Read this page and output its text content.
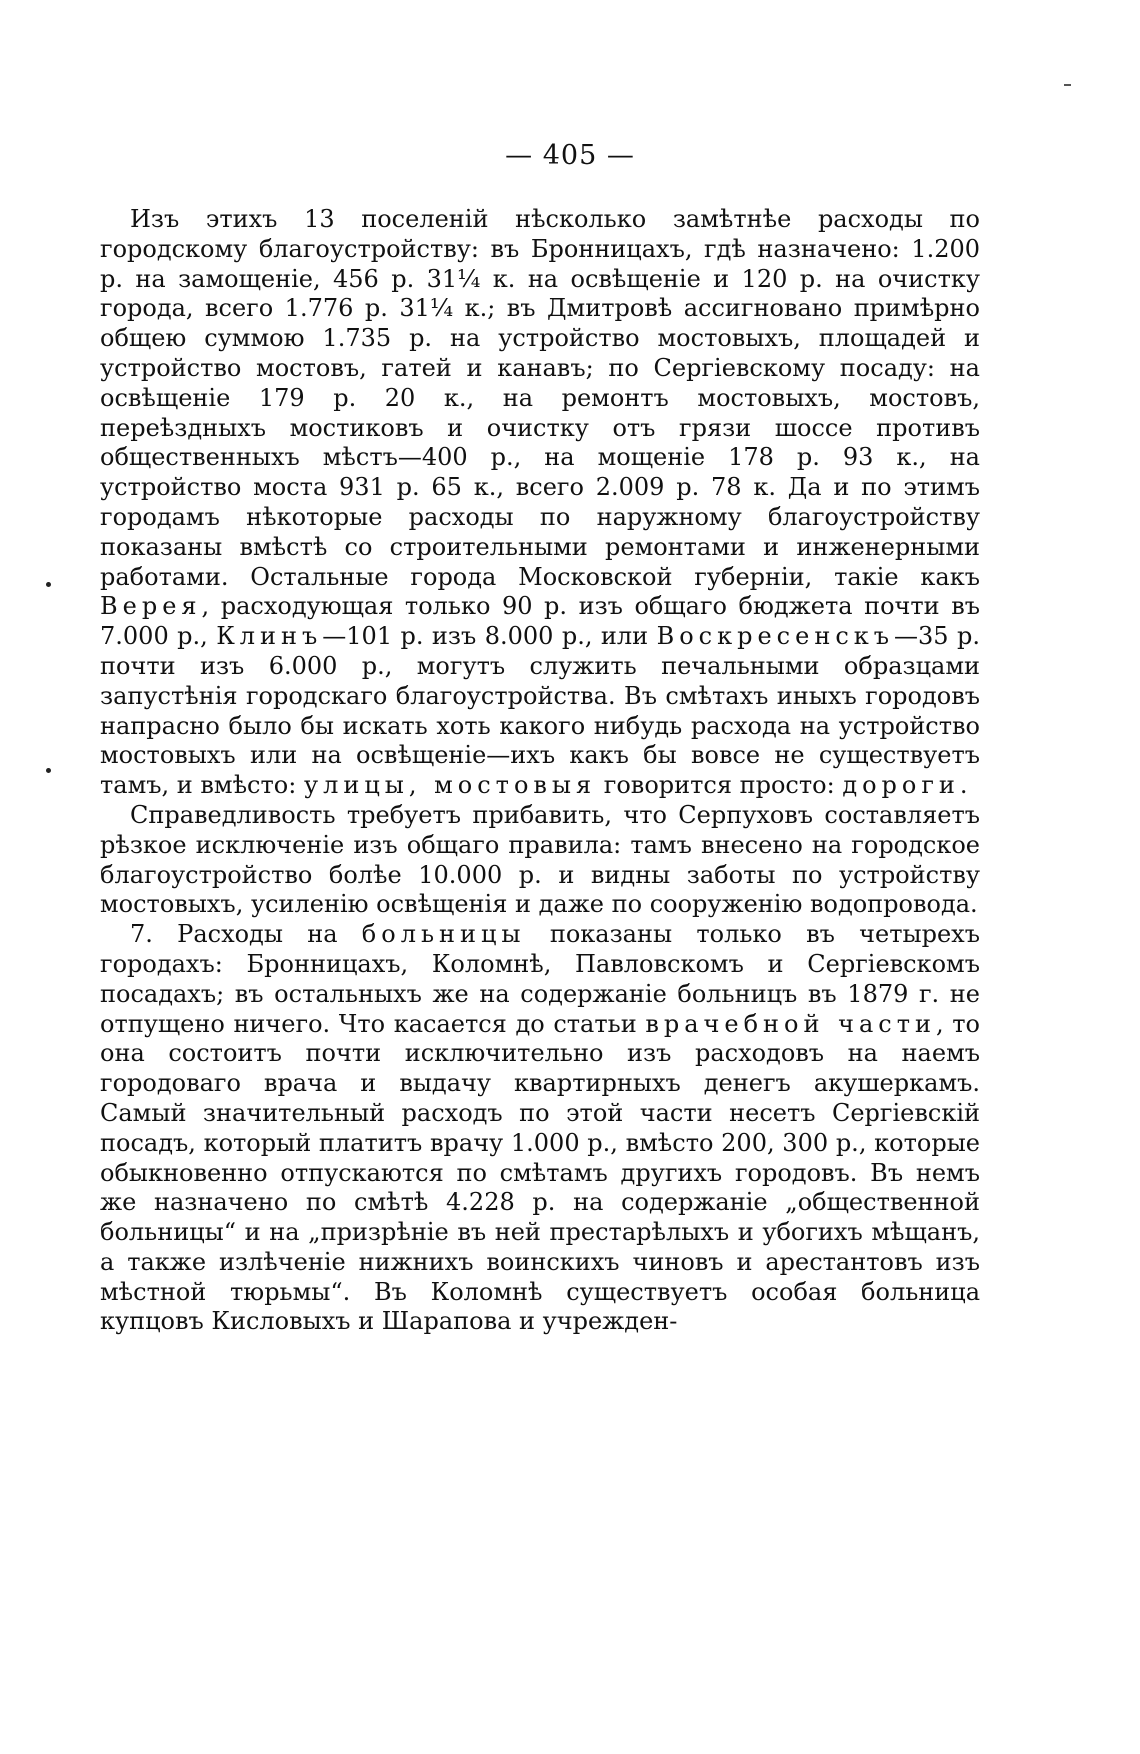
— 405 —

Изъ этихъ 13 поселеній нѣсколько замѣтнѣе расходы по городскому благоустройству: въ Бронницахъ, гдѣ назначено: 1.200 р. на замощеніе, 456 р. 31¼ к. на освѣщеніе и 120 р. на очистку города, всего 1.776 р. 31¼ к.; въ Дмитровѣ ассигновано примѣрно общею суммою 1.735 р. на устройство мостовыхъ, площадей и устройство мостовъ, гатей и канавъ; по Сергіевскому посаду: на освѣщеніе 179 р. 20 к., на ремонтъ мостовыхъ, мостовъ, переѣздныхъ мостиковъ и очистку отъ грязи шоссе противъ общественныхъ мѣстъ—400 р., на мощеніе 178 р. 93 к., на устройство моста 931 р. 65 к., всего 2.009 р. 78 к. Да и по этимъ городамъ нѣкоторые расходы по наружному благоустройству показаны вмѣстѣ со строительными ремонтами и инженерными работами. Остальные города Московской губерніи, такіе какъ Верея, расходующая только 90 р. изъ общаго бюджета почти въ 7.000 р., Клинъ—101 р. изъ 8.000 р., или Воскресенскъ—35 р. почти изъ 6.000 р., могутъ служить печальными образцами запустѣнія городскаго благоустройства. Въ смѣтахъ иныхъ городовъ напрасно было бы искать хоть какого нибудь расхода на устройство мостовыхъ или на освѣщеніе—ихъ какъ бы вовсе не существуетъ тамъ, и вмѣсто: улицы, мостовыя говорится просто: дороги.

Справедливость требуетъ прибавить, что Серпуховъ составляетъ рѣзкое исключеніе изъ общаго правила: тамъ внесено на городское благоустройство болѣе 10.000 р. и видны заботы по устройству мостовыхъ, усиленію освѣщенія и даже по сооруженію водопровода.

7. Расходы на больницы показаны только въ четырехъ городахъ: Бронницахъ, Коломнѣ, Павловскомъ и Сергіевскомъ посадахъ; въ остальныхъ же на содержаніе больницъ въ 1879 г. не отпущено ничего. Что касается до статьи врачебной части, то она состоитъ почти исключительно изъ расходовъ на наемъ городоваго врача и выдачу квартирныхъ денегъ акушеркамъ. Самый значительный расходъ по этой части несетъ Сергіевскій посадъ, который платитъ врачу 1.000 р., вмѣсто 200, 300 р., которые обыкновенно отпускаются по смѣтамъ другихъ городовъ. Въ немъ же назначено по смѣтѣ 4.228 р. на содержаніе „общественной больницы“ и на „призрѣніе въ ней престарѣлыхъ и убогихъ мѣщанъ, а также излѣченіе нижнихъ воинскихъ чиновъ и арестантовъ изъ мѣстной тюрьмы“. Въ Коломнѣ существуетъ особая больница купцовъ Кисловыхъ и Шарапова и учрежден-
